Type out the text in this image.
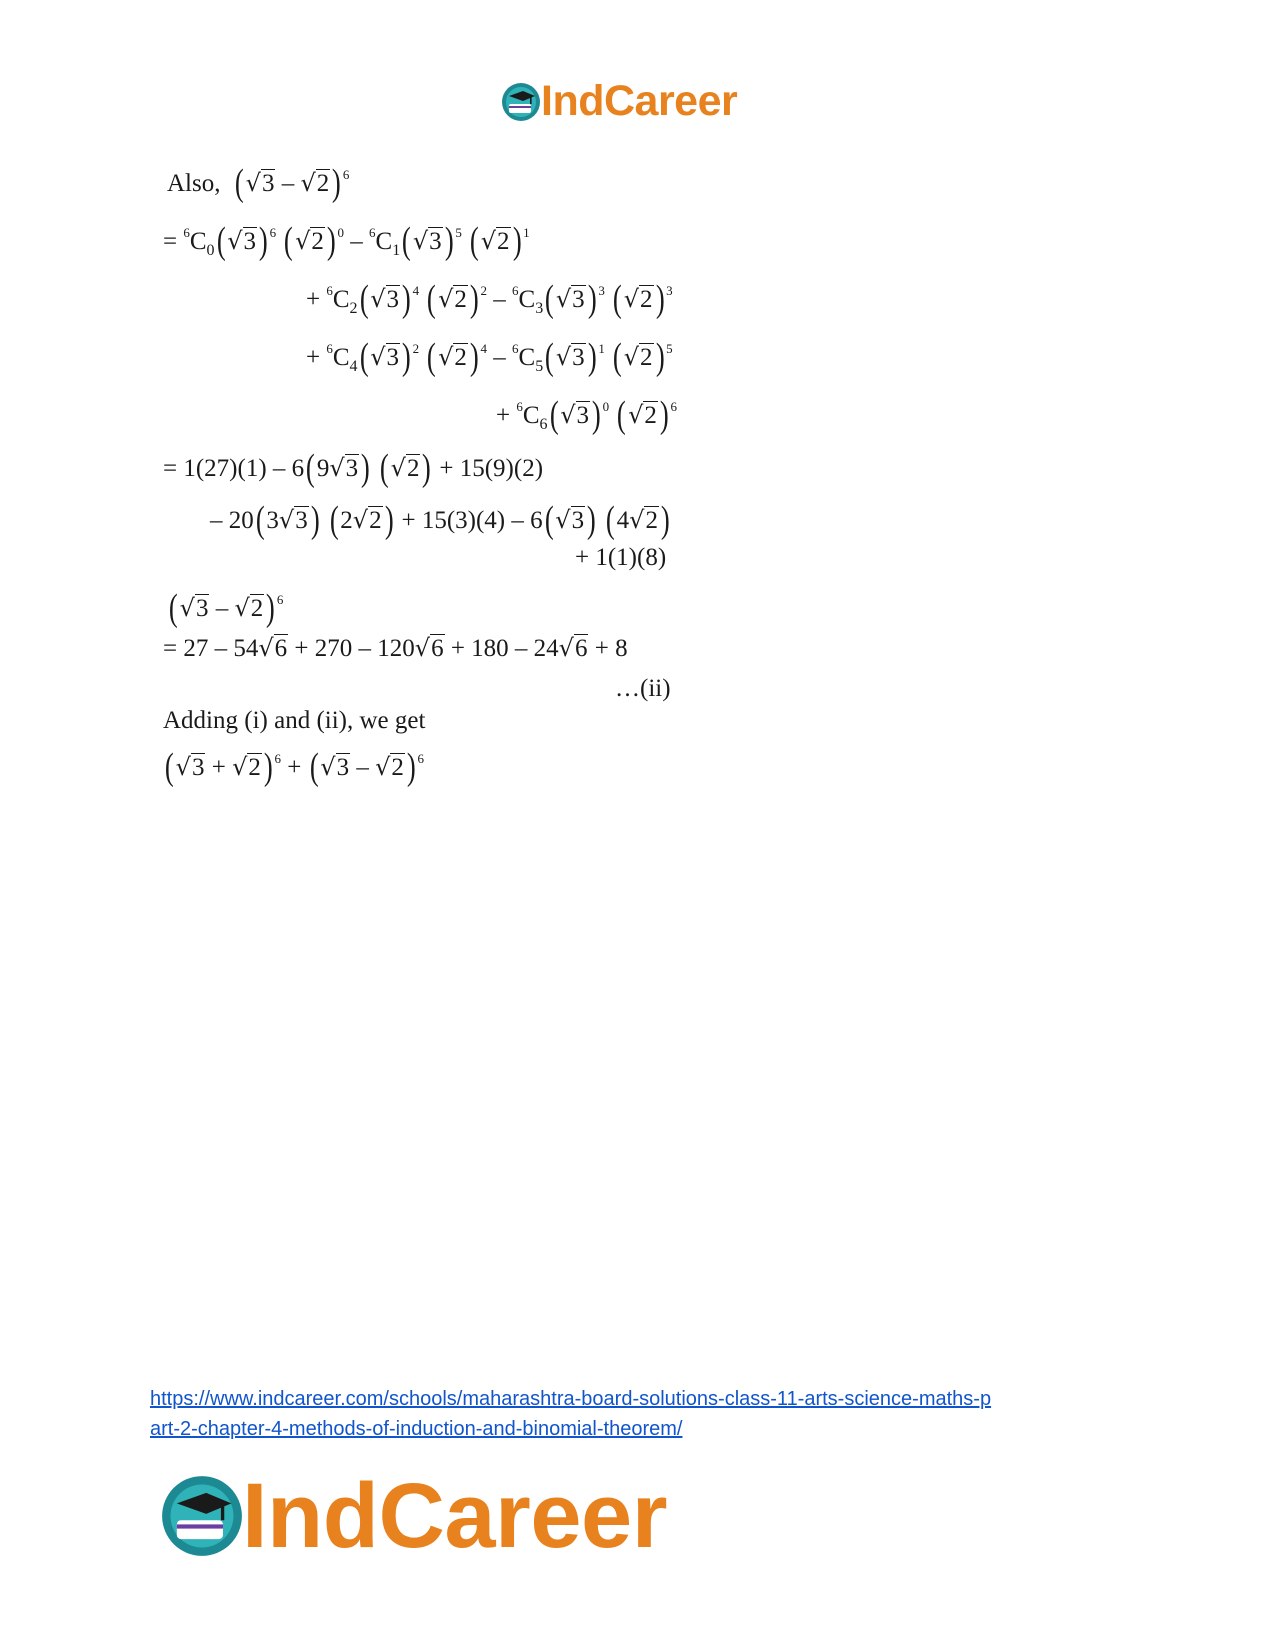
IndCareer
Also, (√3 – √2) $^6$
= $^6C_0(√3)$ $^6$ (√2) $^0 - ^6C_1(√3)$ $^5$ (√2) $^1$
+ $^6C_2(√3)$ $^4$ (√2) $^2 - ^6C_3(√3)$ $^3$ (√2) $^3$
+ $^6C_4(√3)$ $^2$ (√2) $^4 - ^6C_5(√3)$ $^1$ (√2) $^5$
+ $^6C_6(√3)$ $^0$ (√2) $^6$
= 1(27)(1) – 6(9√3) (√2) + 15(9)(2)
– 20(3√3) (2√2) + 15(3)(4) – 6(√3) (4√2)
+ 1(1)(8)
(√3 – √2) $^6$
= 27 – 54√6 + 270 – 120√6 + 180 – 24√6 + 8
…(ii)
Adding (i) and (ii), we get
(√3 + √2) $^6$ + (√3 – √2) $^6$
https://www.indcareer.com/schools/maharashtra-board-solutions-class-11-arts-science-maths-p
art-2-chapter-4-methods-of-induction-and-binomial-theorem/
IndCareer
